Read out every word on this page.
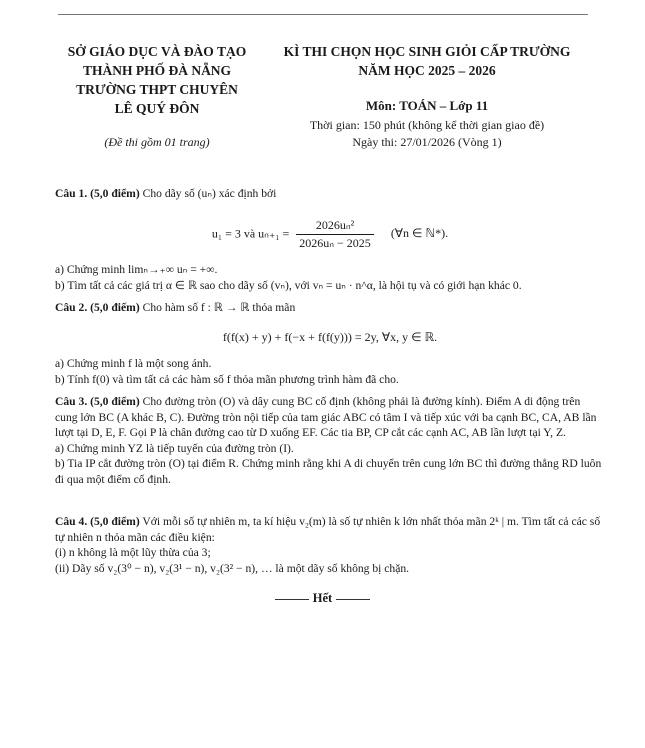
SỞ GIÁO DỤC VÀ ĐÀO TẠO
THÀNH PHỐ ĐÀ NẴNG
TRƯỜNG THPT CHUYÊN
LÊ QUÝ ĐÔN
(Đề thi gồm 01 trang)
KÌ THI CHỌN HỌC SINH GIỎI CẤP TRƯỜNG
NĂM HỌC 2025 – 2026
Môn: TOÁN – Lớp 11
Thời gian: 150 phút (không kể thời gian giao đề)
Ngày thi: 27/01/2026 (Vòng 1)
Câu 1. (5,0 điểm) Cho dãy số (uₙ) xác định bởi
u₁ = 3 và $u_{n+1} = \frac{\text{2026uₙ²}}{\text{2026uₙ − 2025}}$ (∀n ∈ ℕ*).
a) Chứng minh limₙ→₊∞ uₙ = +∞.
b) Tìm tất cả các giá trị α ∈ ℝ sao cho dãy số (vₙ), với vₙ = uₙ · n^α, là hội tụ và có giới hạn khác 0.
Câu 2. (5,0 điểm) Cho hàm số f : ℝ → ℝ thỏa mãn
f(f(x) + y) + f(−x + f(f(y))) = 2y, ∀x, y ∈ ℝ.
a) Chứng minh f là một song ánh.
b) Tính f(0) và tìm tất cả các hàm số f thỏa mãn phương trình hàm đã cho.
Câu 3. (5,0 điểm) Cho đường tròn (O) và dây cung BC cố định (không phải là đường kính). Điểm A di động trên cung lớn BC (A khác B, C). Đường tròn nội tiếp của tam giác ABC có tâm I và tiếp xúc với ba cạnh BC, CA, AB lần lượt tại D, E, F. Gọi P là chân đường cao từ D xuống EF. Các tia BP, CP cắt các cạnh AC, AB lần lượt tại Y, Z.
a) Chứng minh YZ là tiếp tuyến của đường tròn (I).
b) Tia IP cắt đường tròn (O) tại điểm R. Chứng minh rằng khi A di chuyển trên cung lớn BC thì đường thẳng RD luôn đi qua một điểm cố định.
Câu 4. (5,0 điểm) Với mỗi số tự nhiên m, ta kí hiệu v₂(m) là số tự nhiên k lớn nhất thỏa mãn 2ᵏ | m. Tìm tất cả các số tự nhiên n thỏa mãn các điều kiện:
(i) n không là một lũy thừa của 3;
(ii) Dãy số v₂(3⁰ − n), v₂(3¹ − n), v₂(3² − n), … là một dãy số không bị chặn.
Hết
